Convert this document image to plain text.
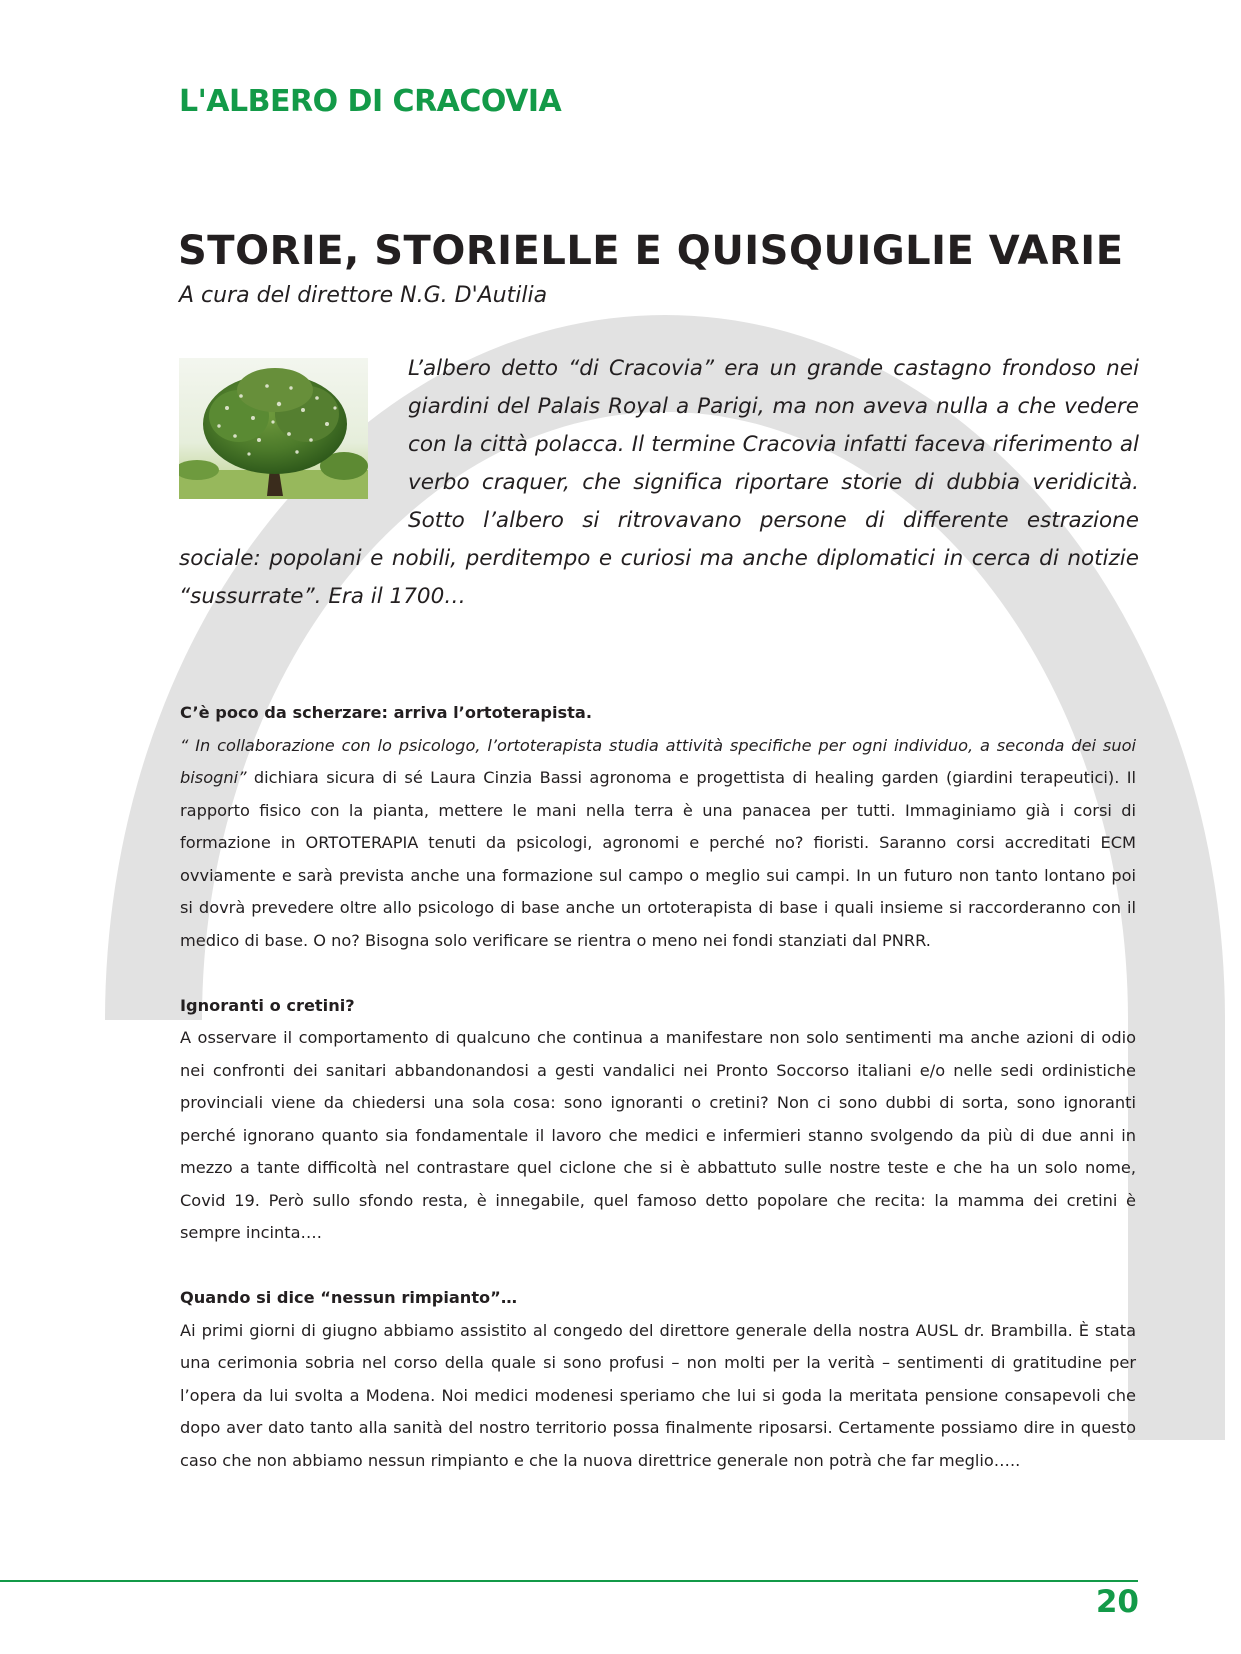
L'ALBERO DI CRACOVIA
STORIE, STORIELLE E QUISQUIGLIE VARIE
A cura del direttore N.G. D'Autilia
L’albero detto “di Cracovia” era un grande castagno frondoso nei giardini del Palais Royal a Parigi, ma non aveva nulla a che vedere con la città polacca. Il termine Cracovia infatti faceva riferimento al verbo craquer, che significa riportare storie di dubbia veridicità. Sotto l’albero si ritrovavano persone di differente estrazione sociale: popolani e nobili, perditempo e curiosi ma anche diplomatici in cerca di notizie “sussurrate”. Era il 1700…
C’è poco da scherzare: arriva l’ortoterapista.
“ In collaborazione con lo psicologo, l’ortoterapista studia attività specifiche per ogni individuo, a seconda dei suoi bisogni” dichiara sicura di sé Laura Cinzia Bassi agronoma e progettista di healing garden (giardini terapeutici). Il rapporto fisico con la pianta, mettere le mani nella terra è una panacea per tutti. Immaginiamo già i corsi di formazione in ORTOTERAPIA tenuti da psicologi, agronomi e perché no? fioristi. Saranno corsi accreditati ECM ovviamente e sarà prevista anche una formazione sul campo o meglio sui campi. In un futuro non tanto lontano poi si dovrà prevedere oltre allo psicologo di base anche un ortoterapista di base i quali insieme si raccorderanno con il medico di base. O no? Bisogna solo verificare se rientra o meno nei fondi stanziati dal PNRR.
Ignoranti o cretini?
A osservare il comportamento di qualcuno che continua a manifestare non solo sentimenti ma anche azioni di odio nei confronti dei sanitari abbandonandosi a gesti vandalici nei Pronto Soccorso italiani e/o nelle sedi ordinistiche provinciali viene da chiedersi una sola cosa: sono ignoranti o cretini? Non ci sono dubbi di sorta, sono ignoranti perché ignorano quanto sia fondamentale il lavoro che medici e infermieri stanno svolgendo da più di due anni in mezzo a tante difficoltà nel contrastare quel ciclone che si è abbattuto sulle nostre teste e che ha un solo nome, Covid 19. Però sullo sfondo resta, è innegabile, quel famoso detto popolare che recita: la mamma dei cretini è sempre incinta….
Quando si dice “nessun rimpianto”…
Ai primi giorni di giugno abbiamo assistito al congedo del direttore generale della nostra AUSL dr. Brambilla. È stata una cerimonia sobria nel corso della quale si sono profusi – non molti per la verità – sentimenti di gratitudine per l’opera da lui svolta a Modena. Noi medici modenesi speriamo che lui si goda la meritata pensione consapevoli che dopo aver dato tanto alla sanità del nostro territorio possa finalmente riposarsi. Certamente possiamo dire in questo caso che non abbiamo nessun rimpianto e che la nuova direttrice generale non potrà che far meglio…..
20
